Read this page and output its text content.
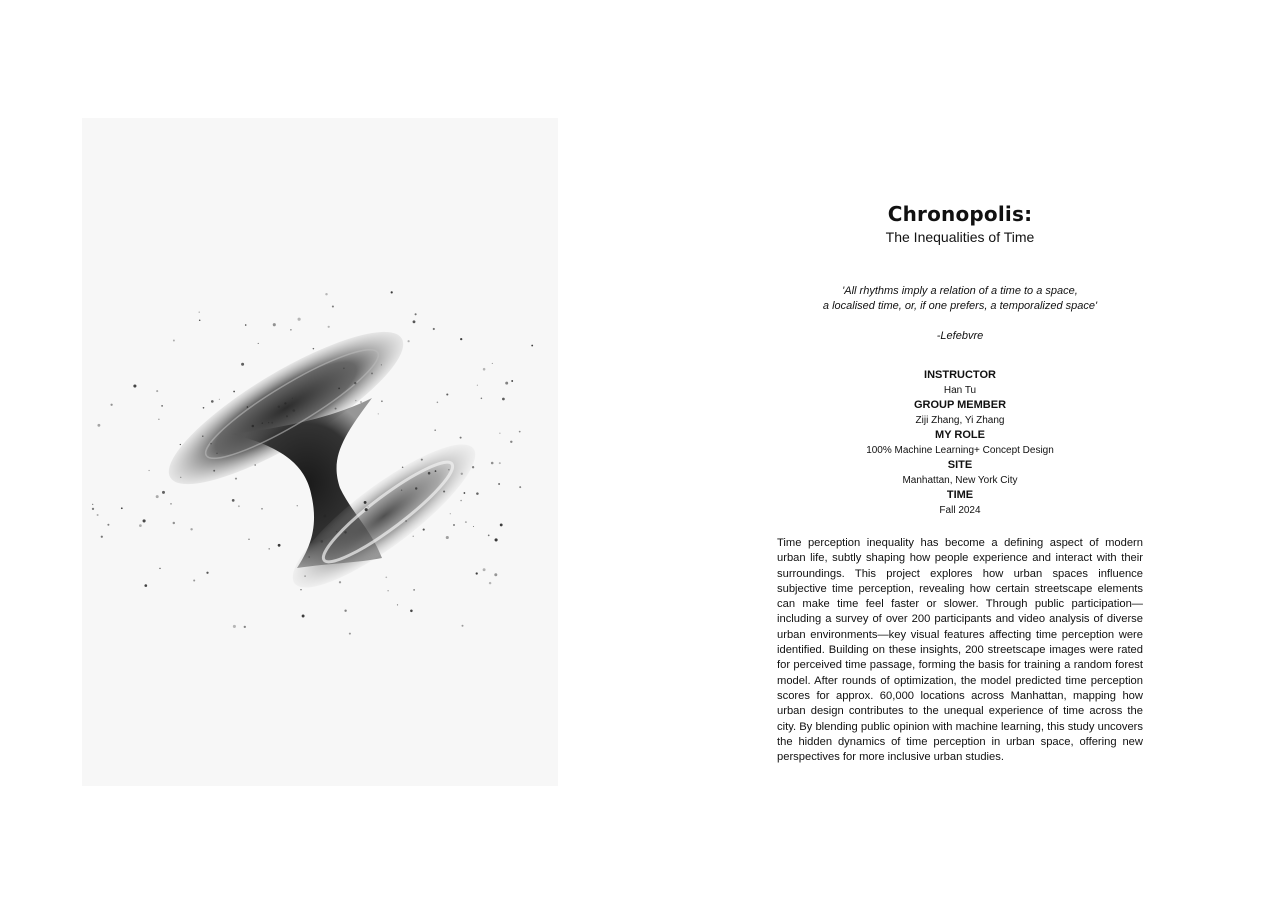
Chronopolis:
The Inequalities of Time
'All rhythms imply a relation of a time to a space,
a localised time, or, if one prefers, a temporalized space'
-Lefebvre
INSTRUCTOR
Han Tu
GROUP MEMBER
Ziji Zhang, Yi Zhang
MY ROLE
100% Machine Learning+ Concept Design
SITE
Manhattan, New York City
TIME
Fall 2024

Time perception inequality has become a defining aspect of modern urban life, subtly shaping how people experience and interact with their surroundings. This project explores how urban spaces influence subjective time perception, revealing how certain streetscape elements can make time feel faster or slower. Through public participation—including a survey of over 200 participants and video analysis of diverse urban environments—key visual features affecting time perception were identified. Building on these insights, 200 streetscape images were rated for perceived time passage, forming the basis for training a random forest model. After rounds of optimization, the model predicted time perception scores for approx. 60,000 locations across Manhattan, mapping how urban design contributes to the unequal experience of time across the city. By blending public opinion with machine learning, this study uncovers the hidden dynamics of time perception in urban space, offering new perspectives for more inclusive urban studies.
